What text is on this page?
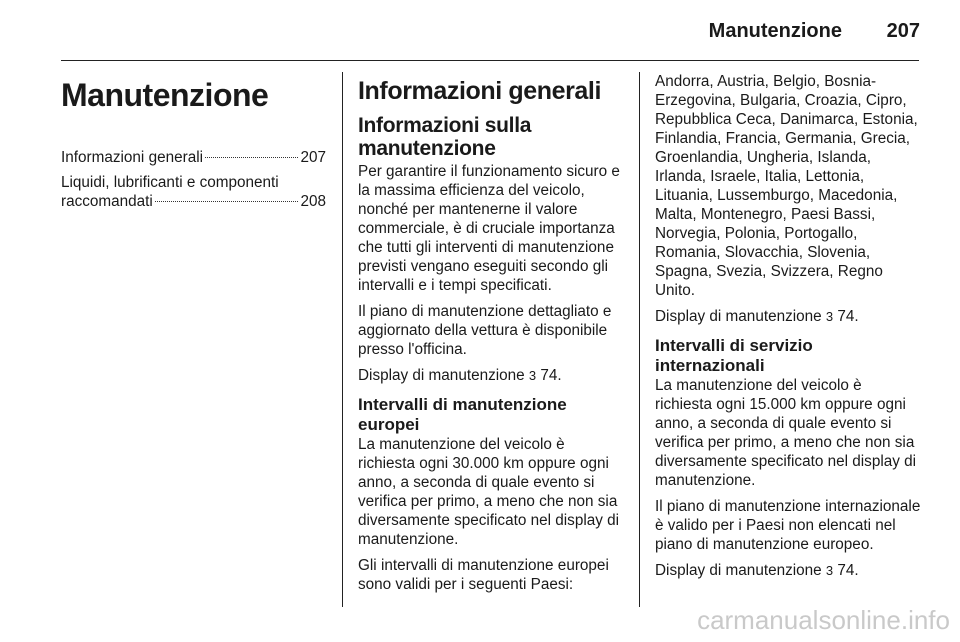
Manutenzione 207
Manutenzione
Informazioni generali	207
Liquidi, lubrificanti e componenti
raccomandati	208
Informazioni generali
Informazioni sulla manutenzione

Per garantire il funzionamento sicuro e la massima efficienza del veicolo, nonché per mantenerne il valore commerciale, è di cruciale importanza che tutti gli interventi di manutenzione previsti vengano eseguiti secondo gli intervalli e i tempi specificati.

Il piano di manutenzione dettagliato e aggiornato della vettura è disponibile presso l'officina.

Display di manutenzione 3 74.

Intervalli di manutenzione europei

La manutenzione del veicolo è richiesta ogni 30.000 km oppure ogni anno, a seconda di quale evento si verifica per primo, a meno che non sia diversamente specificato nel display di manutenzione.

Gli intervalli di manutenzione europei sono validi per i seguenti Paesi:

Andorra, Austria, Belgio, Bosnia-Erzegovina, Bulgaria, Croazia, Cipro, Repubblica Ceca, Danimarca, Estonia, Finlandia, Francia, Germania, Grecia, Groenlandia, Ungheria, Islanda, Irlanda, Israele, Italia, Lettonia, Lituania, Lussemburgo, Macedonia, Malta, Montenegro, Paesi Bassi, Norvegia, Polonia, Portogallo, Romania, Slovacchia, Slovenia, Spagna, Svezia, Svizzera, Regno Unito.

Display di manutenzione 3 74.

Intervalli di servizio internazionali

La manutenzione del veicolo è richiesta ogni 15.000 km oppure ogni anno, a seconda di quale evento si verifica per primo, a meno che non sia diversamente specificato nel display di manutenzione.

Il piano di manutenzione internazionale è valido per i Paesi non elencati nel piano di manutenzione europeo.

Display di manutenzione 3 74.

carmanualsonline.info
